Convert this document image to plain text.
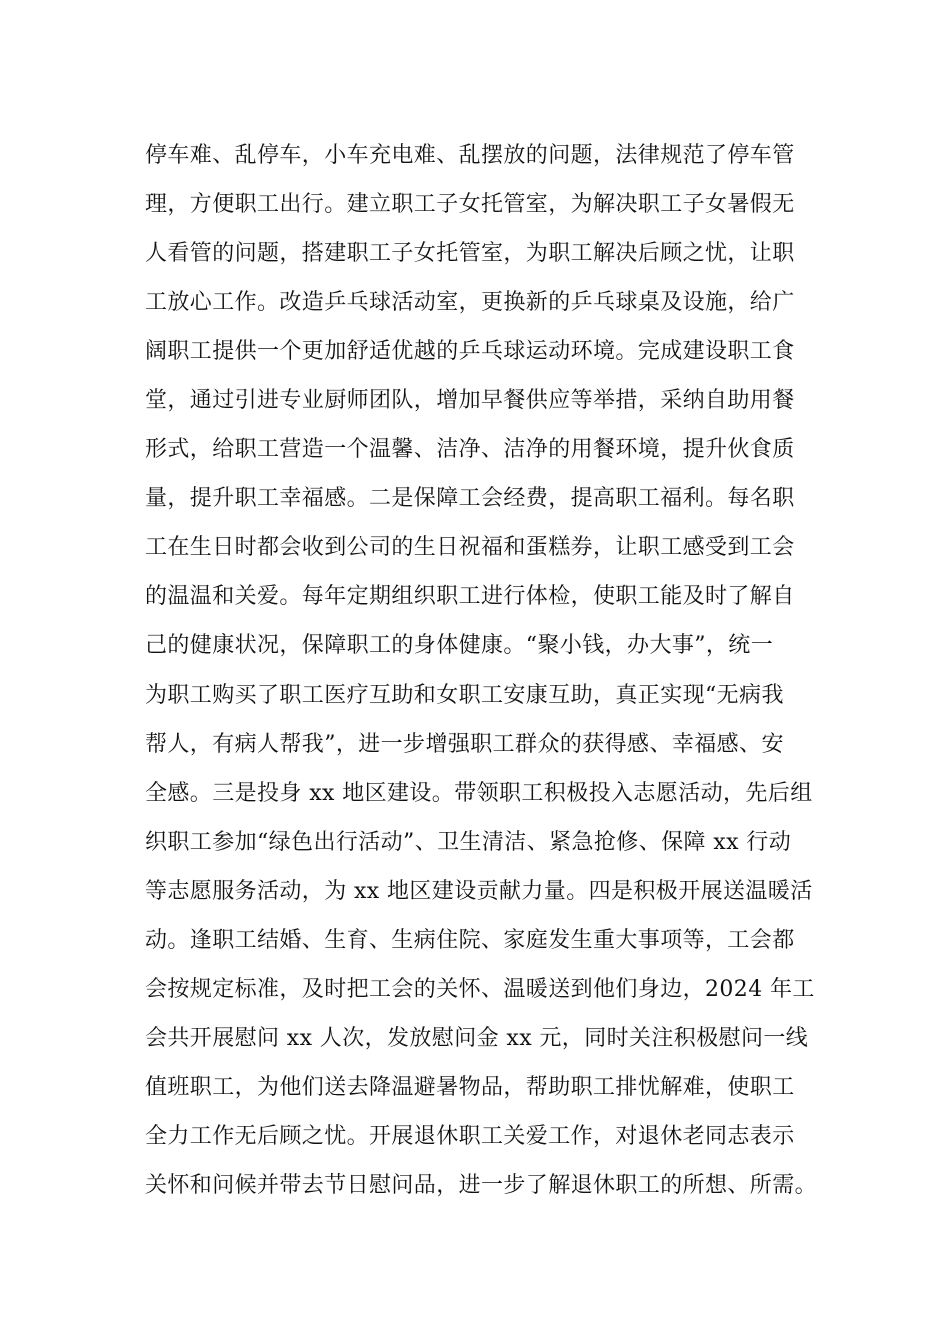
停车难、乱停车，小车充电难、乱摆放的问题，法律规范了停车管
理，方便职工出行。建立职工子女托管室，为解决职工子女暑假无
人看管的问题，搭建职工子女托管室，为职工解决后顾之忧，让职
工放心工作。改造乒乓球活动室，更换新的乒乓球桌及设施，给广
阔职工提供一个更加舒适优越的乒乓球运动环境。完成建设职工食
堂，通过引进专业厨师团队，增加早餐供应等举措，采纳自助用餐
形式，给职工营造一个温馨、洁净、洁净的用餐环境，提升伙食质
量，提升职工幸福感。二是保障工会经费，提高职工福利。每名职
工在生日时都会收到公司的生日祝福和蛋糕券，让职工感受到工会
的温温和关爱。每年定期组织职工进行体检，使职工能及时了解自
己的健康状况，保障职工的身体健康。“聚小钱，办大事”，统一
为职工购买了职工医疗互助和女职工安康互助，真正实现“无病我
帮人，有病人帮我”，进一步增强职工群众的获得感、幸福感、安
全感。三是投身 xx 地区建设。带领职工积极投入志愿活动，先后组
织职工参加“绿色出行活动”、卫生清洁、紧急抢修、保障 xx 行动
等志愿服务活动，为 xx 地区建设贡献力量。四是积极开展送温暖活
动。逢职工结婚、生育、生病住院、家庭发生重大事项等，工会都
会按规定标准，及时把工会的关怀、温暖送到他们身边，2024 年工
会共开展慰问 xx 人次，发放慰问金 xx 元，同时关注积极慰问一线
值班职工，为他们送去降温避暑物品，帮助职工排忧解难，使职工
全力工作无后顾之忧。开展退休职工关爱工作，对退休老同志表示
关怀和问候并带去节日慰问品，进一步了解退休职工的所想、所需。
